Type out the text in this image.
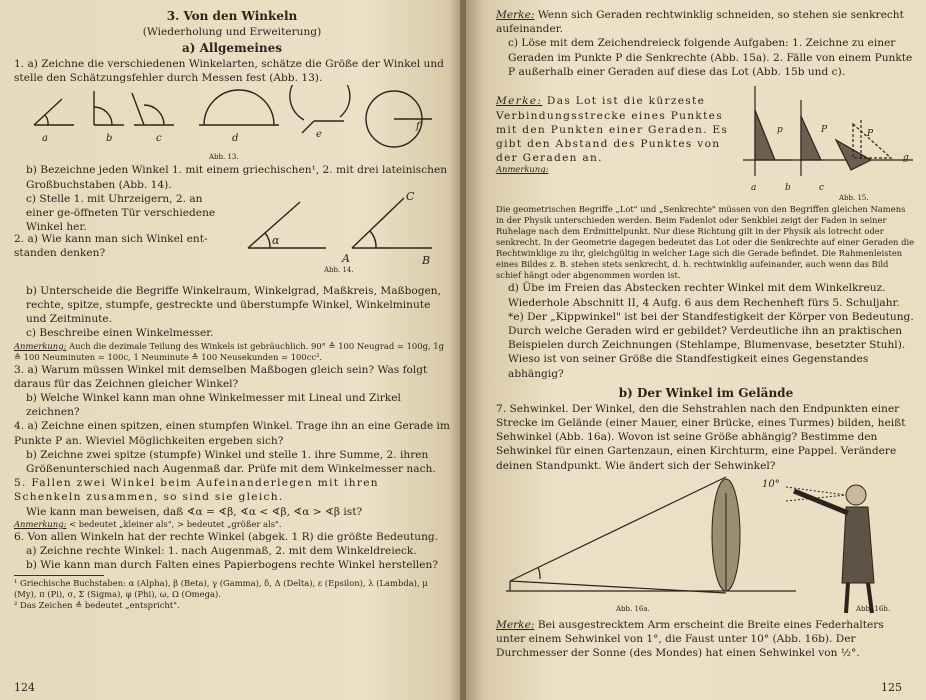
3. Von den Winkeln

(Wiederholung und Erweiterung)

a) Allgemeines

1. a) Zeichne die verschiedenen Winkelarten, schätze die Größe der Winkel und stelle den Schätzungsfehler durch Messen fest (Abb. 13).

a	b	c	d	e
f
Abb. 13.

b) Bezeichne jeden Winkel 1. mit einem griechischen¹, 2. mit drei lateinischen Großbuchstaben (Abb. 14).

c) Stelle 1. mit Uhrzeigern, 2. an einer ge-öffneten Tür verschiedene Winkel her.

2. a) Wie kann man sich Winkel ent-standen denken?

α
A	B
C
Abb. 14.

b) Unterscheide die Begriffe Winkelraum, Winkelgrad, Maßkreis, Maßbogen, rechte, spitze, stumpfe, gestreckte und überstumpfe Winkel, Winkelminute und Zeitminute.

c) Beschreibe einen Winkelmesser.

Anmerkung: Auch die dezimale Teilung des Winkels ist gebräuchlich. 90° ≙ 100 Neugrad = 100g, 1g ≙ 100 Neuminuten = 100c, 1 Neuminute ≙ 100 Neusekunden = 100cc².

3. a) Warum müssen Winkel mit demselben Maßbogen gleich sein? Was folgt daraus für das Zeichnen gleicher Winkel?

b) Welche Winkel kann man ohne Winkelmesser mit Lineal und Zirkel zeichnen?

4. a) Zeichne einen spitzen, einen stumpfen Winkel. Trage ihn an eine Gerade im Punkte P an. Wieviel Möglichkeiten ergeben sich?

b) Zeichne zwei spitze (stumpfe) Winkel und stelle 1. ihre Summe, 2. ihren Größenunterschied nach Augenmaß dar. Prüfe mit dem Winkelmesser nach.

5. Fallen zwei Winkel beim Aufeinanderlegen mit ihren Schenkeln zusammen, so sind sie gleich.

Wie kann man beweisen, daß ∢α = ∢β, ∢α < ∢β, ∢α > ∢β ist?

Anmerkung: < bedeutet „kleiner als", > bedeutet „größer als".

6. Von allen Winkeln hat der rechte Winkel (abgek. 1 R) die größte Bedeutung.

a) Zeichne rechte Winkel: 1. nach Augenmaß, 2. mit dem Winkeldreieck.

b) Wie kann man durch Falten eines Papierbogens rechte Winkel herstellen?

¹ Griechische Buchstaben: α (Alpha), β (Beta), γ (Gamma), δ, Δ (Delta), ε (Epsilon), λ (Lambda), μ (My), π (Pi), σ, Σ (Sigma), φ (Phi), ω, Ω (Omega).

² Das Zeichen ≙ bedeutet „entspricht".

124

Merke: Wenn sich Geraden rechtwinklig schneiden, so stehen sie senkrecht aufeinander.

c) Löse mit dem Zeichendreieck folgende Aufgaben: 1. Zeichne zu einer Geraden im Punkte P die Senkrechte (Abb. 15a). 2. Fälle von einem Punkte P außerhalb einer Geraden auf diese das Lot (Abb. 15b und c).

Merke: Das Lot ist die kürzeste Verbindungsstrecke eines Punktes mit den Punkten einer Geraden. Es gibt den Abstand des Punktes von der Geraden an.

p	P	P
a	b	c
g
Abb. 15.

Anmerkung:

Die geometrischen Begriffe „Lot" und „Senkrechte" müssen von den Begriffen gleichen Namens in der Physik unterschieden werden. Beim Fadenlot oder Senkblei zeigt der Faden in seiner Ruhelage nach dem Erdmittelpunkt. Nur diese Richtung gilt in der Physik als lotrecht oder senkrecht. In der Geometrie dagegen bedeutet das Lot oder die Senkrechte auf einer Geraden die Rechtwinklige zu ihr, gleichgültig in welcher Lage sich die Gerade befindet. Die Rahmenleisten eines Bildes z. B. stehen stets senkrecht, d. h. rechtwinklig aufeinander, auch wenn das Bild schief hängt oder abgenommen worden ist.

d) Übe im Freien das Abstecken rechter Winkel mit dem Winkelkreuz. Wiederhole Abschnitt II, 4 Aufg. 6 aus dem Rechenheft fürs 5. Schuljahr.

*e) Der „Kippwinkel" ist bei der Standfestigkeit der Körper von Bedeutung. Durch welche Geraden wird er gebildet? Verdeutliche ihn an praktischen Beispielen durch Zeichnungen (Stehlampe, Blumenvase, besetzter Stuhl). Wieso ist von seiner Größe die Standfestigkeit eines Gegenstandes abhängig?

b) Der Winkel im Gelände

7. Sehwinkel. Der Winkel, den die Sehstrahlen nach den Endpunkten einer Strecke im Gelände (einer Mauer, einer Brücke, eines Turmes) bilden, heißt Sehwinkel (Abb. 16a). Wovon ist seine Größe abhängig? Bestimme den Sehwinkel für einen Gartenzaun, einen Kirchturm, eine Pappel. Verändere deinen Standpunkt. Wie ändert sich der Sehwinkel?

10°
Abb. 16a.	Abb. 16b.

Merke: Bei ausgestrecktem Arm erscheint die Breite eines Federhalters unter einem Sehwinkel von 1°, die Faust unter 10° (Abb. 16b). Der Durchmesser der Sonne (des Mondes) hat einen Sehwinkel von ½°.

125
